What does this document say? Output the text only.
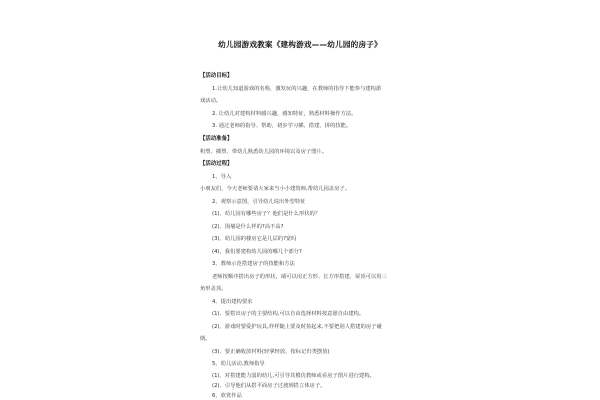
幼儿园游戏教案《建构游戏——幼儿园的房子》
【活动目标】
1.让幼儿知道游戏的名称，激发玩的兴趣，在教师的指导下能参与建构游
戏活动。
2. 让幼儿对建构材料感兴趣，感知特征，熟悉材料操作方法。
3. 通过老师的指导、帮助，初步学习插、搭建、拼的技能。
【活动准备】
积塑、插塑、带幼儿熟悉幼儿园的环境以及房子图片。
【活动过程】
1、导入
小朋友们，今天老师要请大家来当小小建筑师,帮幼儿园盖房子。
2、观察示意图，引导幼儿说出外型特征
(1)、幼儿园有哪些房子？他们是什么形状的？
(2)、围墙是什么样的?高不高?
(3)、幼儿园的楼房它是几层的?宽吗
(4)、我们要建构幼儿园的哪几个部分?
3、教师示范搭建房子的技能和方法
老师按顺序搭出房子的形状，墙可以用正方形、长方形搭建，屋顶可以用三
角形盖顶。
4、提出建构要求
(1)、要搭出房子的主要结构,可以自由选择材料按意愿自由建构。
(2)、游戏时要爱护玩具,样样随上要及时捡起来,不要把别人搭建的房子碰
倒。
(3)、要正确收放材料(轻拿轻放，按标记归类摆放)
5、幼儿活动,教师指导
(1)、对搭建能力弱的幼儿,可引导其模仿教师或看房子图片进行建构。
(2)、引导他们从搭平面房子过渡到搭立体房子。
6、欣赏作品
